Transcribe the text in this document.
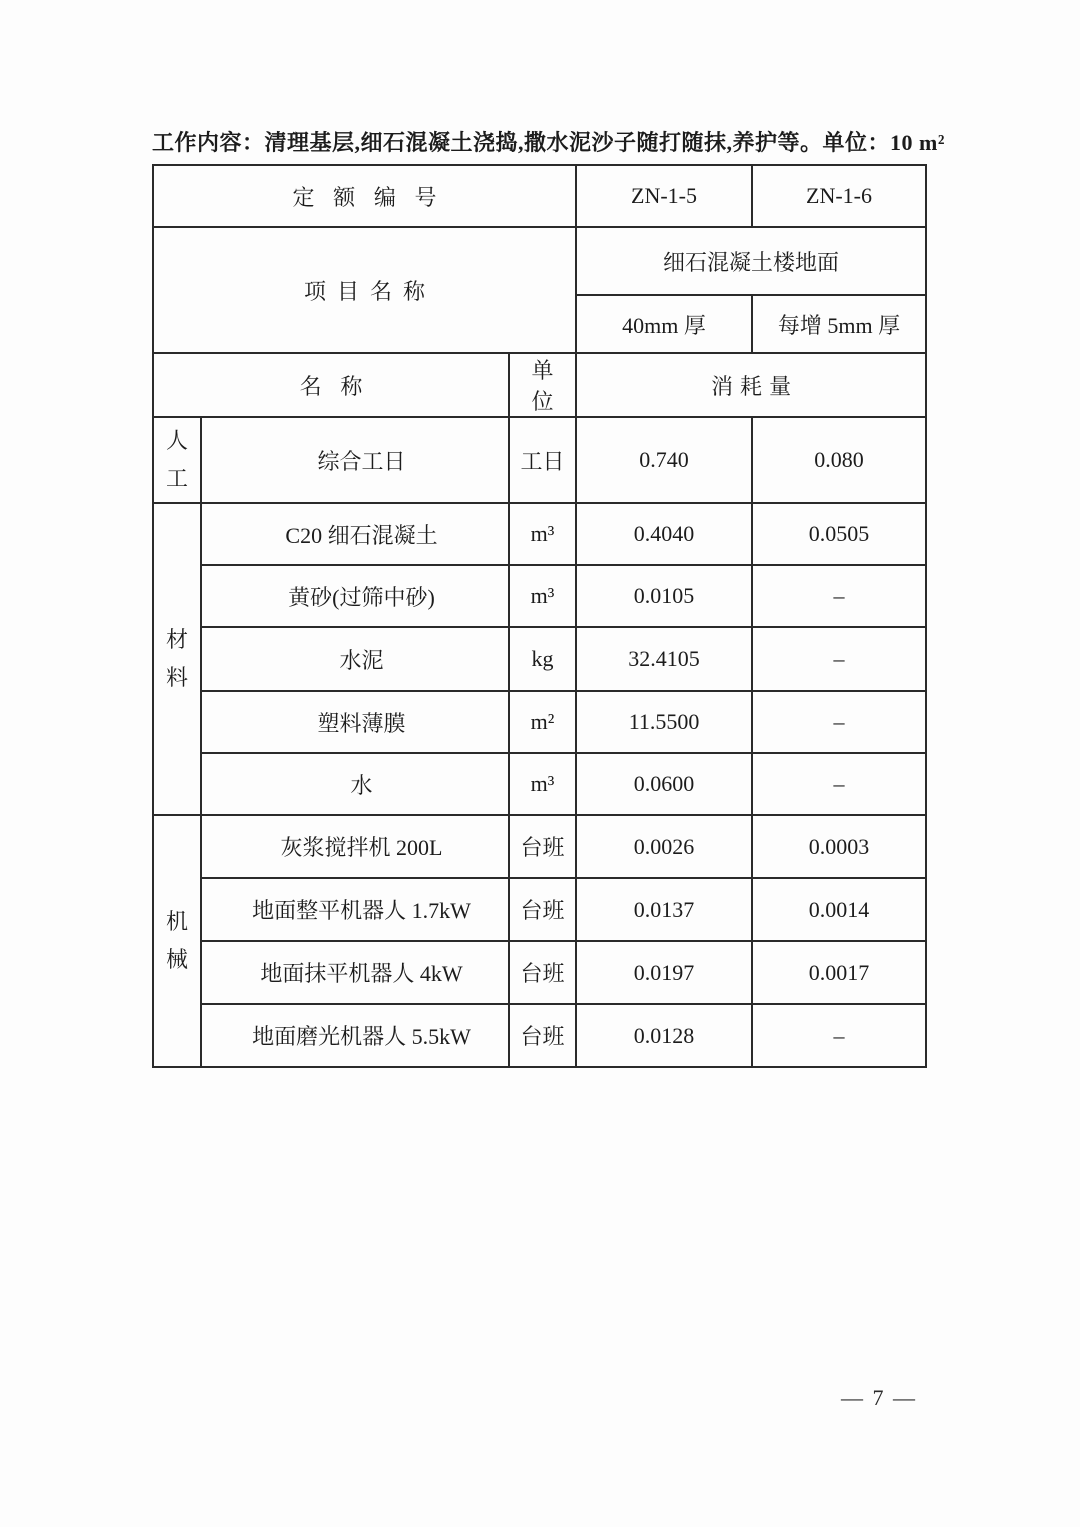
工作内容：清理基层,细石混凝土浇捣,撒水泥沙子随打随抹,养护等。 单位：10 m²
定额编号			ZN-1-5	ZN-1-6
项目名称			细石混凝土楼地面	
			40mm 厚	每增 5mm 厚
名称		单位	消耗量	
人工	综合工日	工日	0.740	0.080
材料	C20 细石混凝土	m³	0.4040	0.0505
	黄砂(过筛中砂)	m³	0.0105	–
	水泥	kg	32.4105	–
	塑料薄膜	m²	11.5500	–
	水	m³	0.0600	–
机械	灰浆搅拌机 200L	台班	0.0026	0.0003
	地面整平机器人 1.7kW	台班	0.0137	0.0014
	地面抹平机器人 4kW	台班	0.0197	0.0017
	地面磨光机器人 5.5kW	台班	0.0128	–
— 7 —
